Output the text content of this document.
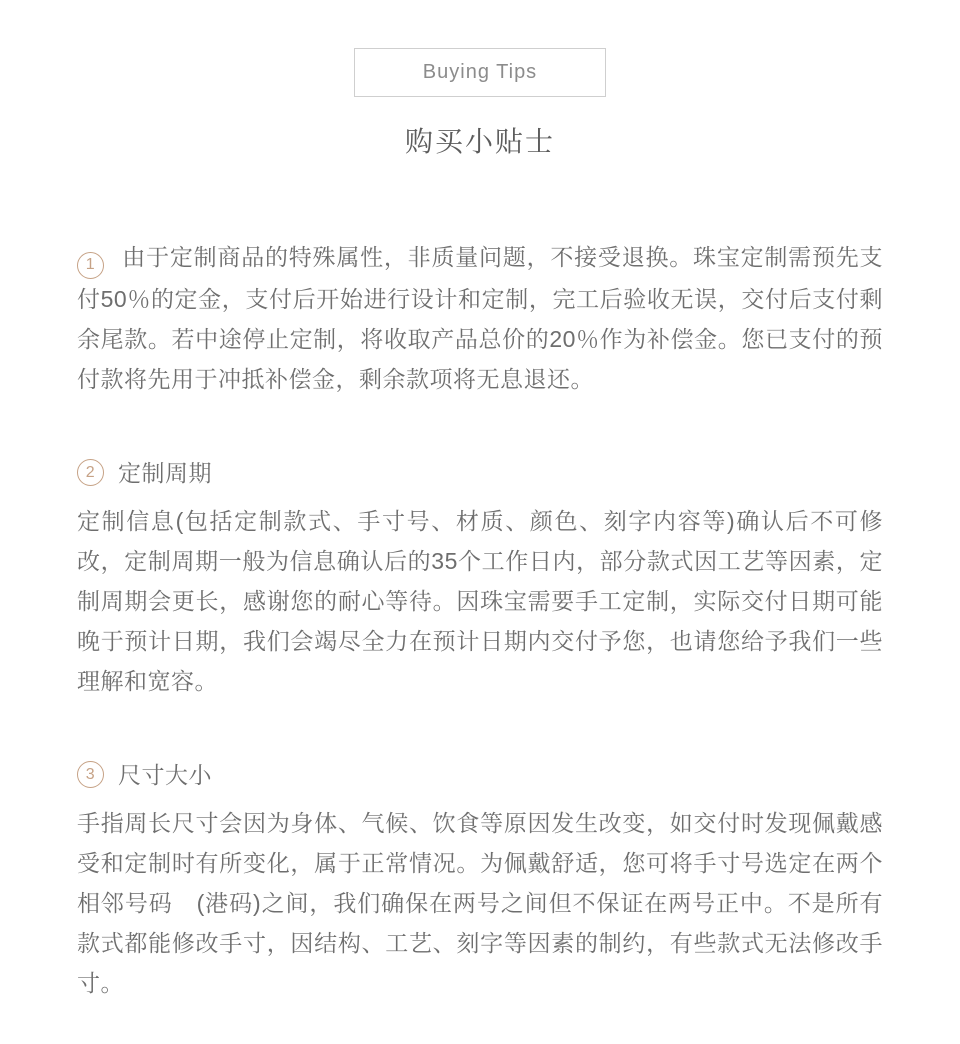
Buying Tips
购买小贴士

1 由于定制商品的特殊属性，非质量问题，不接受退换。珠宝定制需预先支付50％的定金，支付后开始进行设计和定制，完工后验收无误，交付后支付剩余尾款。若中途停止定制，将收取产品总价的20％作为补偿金。您已支付的预付款将先用于冲抵补偿金，剩余款项将无息退还。

2 定制周期

定制信息(包括定制款式、手寸号、材质、颜色、刻字内容等)确认后不可修改，定制周期一般为信息确认后的35个工作日内，部分款式因工艺等因素，定制周期会更长，感谢您的耐心等待。因珠宝需要手工定制，实际交付日期可能晚于预计日期，我们会竭尽全力在预计日期内交付予您，也请您给予我们一些理解和宽容。

3 尺寸大小

手指周长尺寸会因为身体、气候、饮食等原因发生改变，如交付时发现佩戴感受和定制时有所变化，属于正常情况。为佩戴舒适，您可将手寸号选定在两个相邻号码　(港码)之间，我们确保在两号之间但不保证在两号正中。不是所有款式都能修改手寸，因结构、工艺、刻字等因素的制约，有些款式无法修改手寸。
